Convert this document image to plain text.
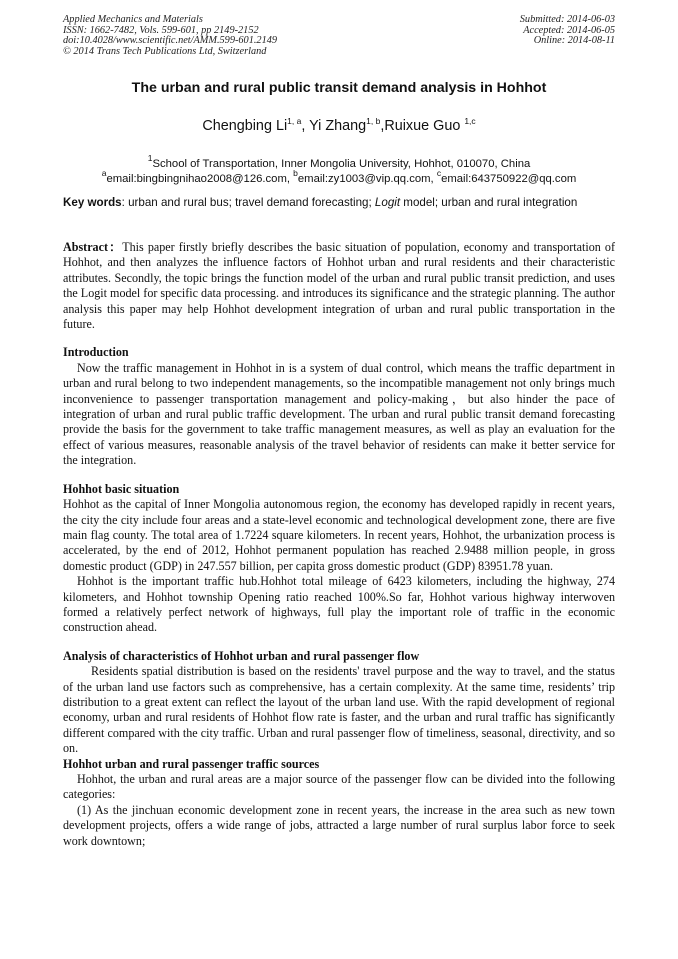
Applied Mechanics and Materials
ISSN: 1662-7482, Vols. 599-601, pp 2149-2152
doi:10.4028/www.scientific.net/AMM.599-601.2149
© 2014 Trans Tech Publications Ltd, Switzerland
Submitted: 2014-06-03
Accepted: 2014-06-05
Online: 2014-08-11
The urban and rural public transit demand analysis in Hohhot
Chengbing Li$^{1, a}$, Yi Zhang$^{1, b}$,Ruixue Guo $^{1,c}$
$^1$School of Transportation, Inner Mongolia University, Hohhot, 010070, China
$^a$email:bingbingnihao2008@126.com, $^b$email:zy1003@vip.qq.com, $^c$email:643750922@qq.com
Key words: urban and rural bus; travel demand forecasting; Logit model; urban and rural integration

Abstract：This paper firstly briefly describes the basic situation of population, economy and transportation of Hohhot, and then analyzes the influence factors of Hohhot urban and rural residents and their characteristic attributes. Secondly, the topic brings the function model of the urban and rural public transit prediction, and uses the Logit model for specific data processing. and introduces its significance and the strategic planning. The author analysis this paper may help Hohhot development integration of urban and rural public transportation in the future.

Introduction

Now the traffic management in Hohhot in is a system of dual control, which means the traffic department in urban and rural belong to two independent managements, so the incompatible management not only brings much inconvenience to passenger transportation management and policy-making，but also hinder the pace of integration of urban and rural public traffic development. The urban and rural public transit demand forecasting provide the basis for the government to take traffic management measures, as well as play an evaluation for the effect of various measures, reasonable analysis of the travel behavior of residents can make it better service for the integration.

Hohhot basic situation

Hohhot as the capital of Inner Mongolia autonomous region, the economy has developed rapidly in recent years, the city the city include four areas and a state-level economic and technological development zone, there are five main flag county. The total area of 1.7224 square kilometers. In recent years, Hohhot, the urbanization process is accelerated, by the end of 2012, Hohhot permanent population has reached 2.9488 million people, in gross domestic product (GDP) in 247.557 billion, per capita gross domestic product (GDP) 83951.78 yuan.

Hohhot is the important traffic hub.Hohhot total mileage of 6423 kilometers, including the highway, 274 kilometers, and Hohhot township Opening ratio reached 100%.So far, Hohhot various highway interwoven formed a relatively perfect network of highways, full play the important role of traffic in the economic construction ahead.

Analysis of characteristics of Hohhot urban and rural passenger flow

Residents spatial distribution is based on the residents' travel purpose and the way to travel, and the status of the urban land use factors such as comprehensive, has a certain complexity. At the same time, residents’ trip distribution to a great extent can reflect the layout of the urban land use. With the rapid development of regional economy, urban and rural residents of Hohhot flow rate is faster, and the urban and rural traffic has significantly different compared with the city traffic. Urban and rural passenger flow of timeliness, seasonal, directivity, and so on.

Hohhot urban and rural passenger traffic sources

Hohhot, the urban and rural areas are a major source of the passenger flow can be divided into the following categories:

(1) As the jinchuan economic development zone in recent years, the increase in the area such as new town development projects, offers a wide range of jobs, attracted a large number of rural surplus labor force to seek work downtown;
